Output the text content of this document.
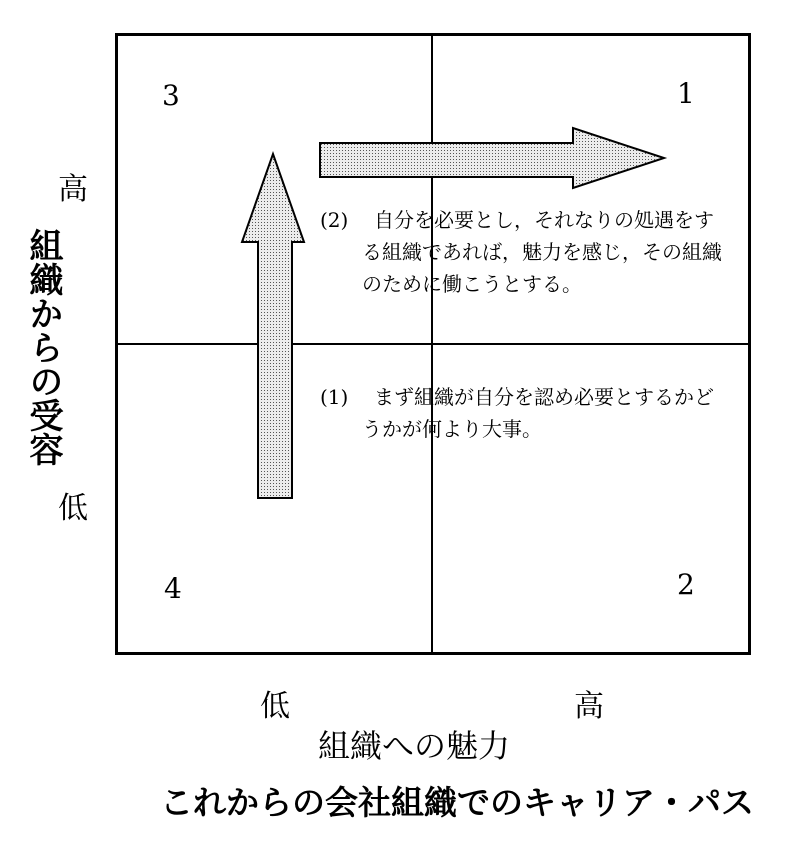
3	1
4	2
(2) 自分を必要とし，それなりの処遇をす
る組織であれば，魅力を感じ，その組織
のために働こうとする。
(1) まず組織が自分を認め必要とするかど
うかが何より大事。
高
低
組織からの受容
低	高
組織への魅力
これからの会社組織でのキャリア・パス
